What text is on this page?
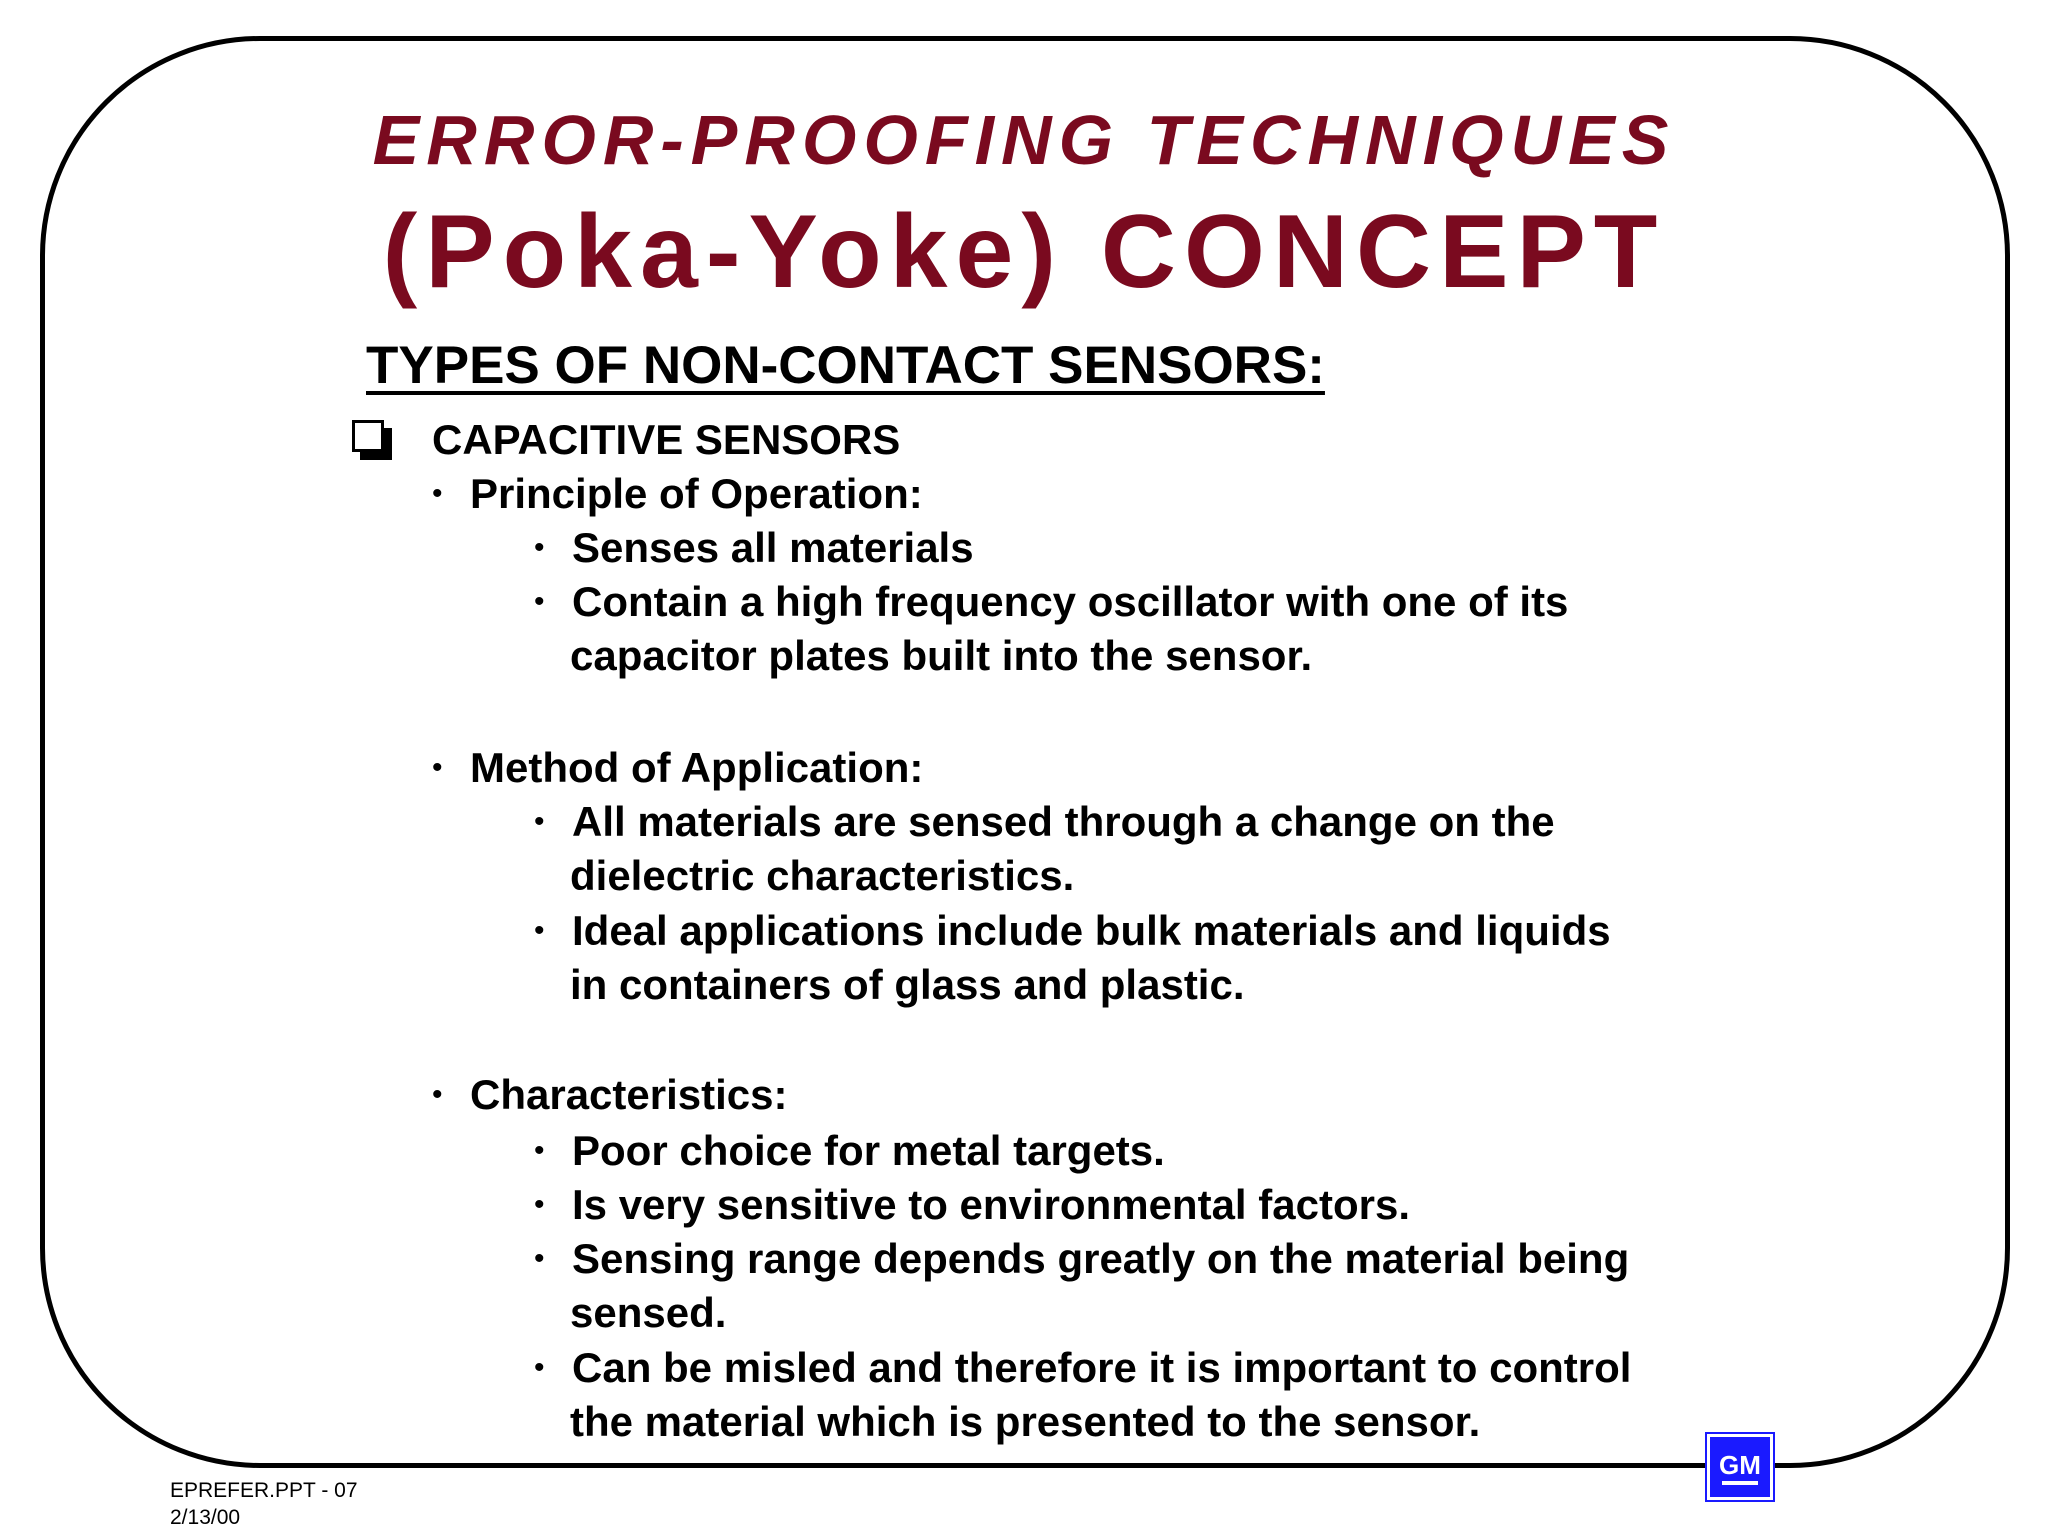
ERROR-PROOFING TECHNIQUES
(Poka-Yoke) CONCEPT
TYPES OF NON-CONTACT SENSORS:
CAPACITIVE SENSORS
• Principle of Operation:
• Senses all materials
• Contain a high frequency oscillator with one of its
capacitor plates built into the sensor.
• Method of Application:
• All materials are sensed through a change on the
dielectric characteristics.
• Ideal applications include bulk materials and liquids
in containers of glass and plastic.
• Characteristics:
• Poor choice for metal targets.
• Is very sensitive to environmental factors.
• Sensing range depends greatly on the material being
sensed.
• Can be misled and therefore it is important to control
the material which is presented to the sensor.
EPREFER.PPT - 07
2/13/00
GM
